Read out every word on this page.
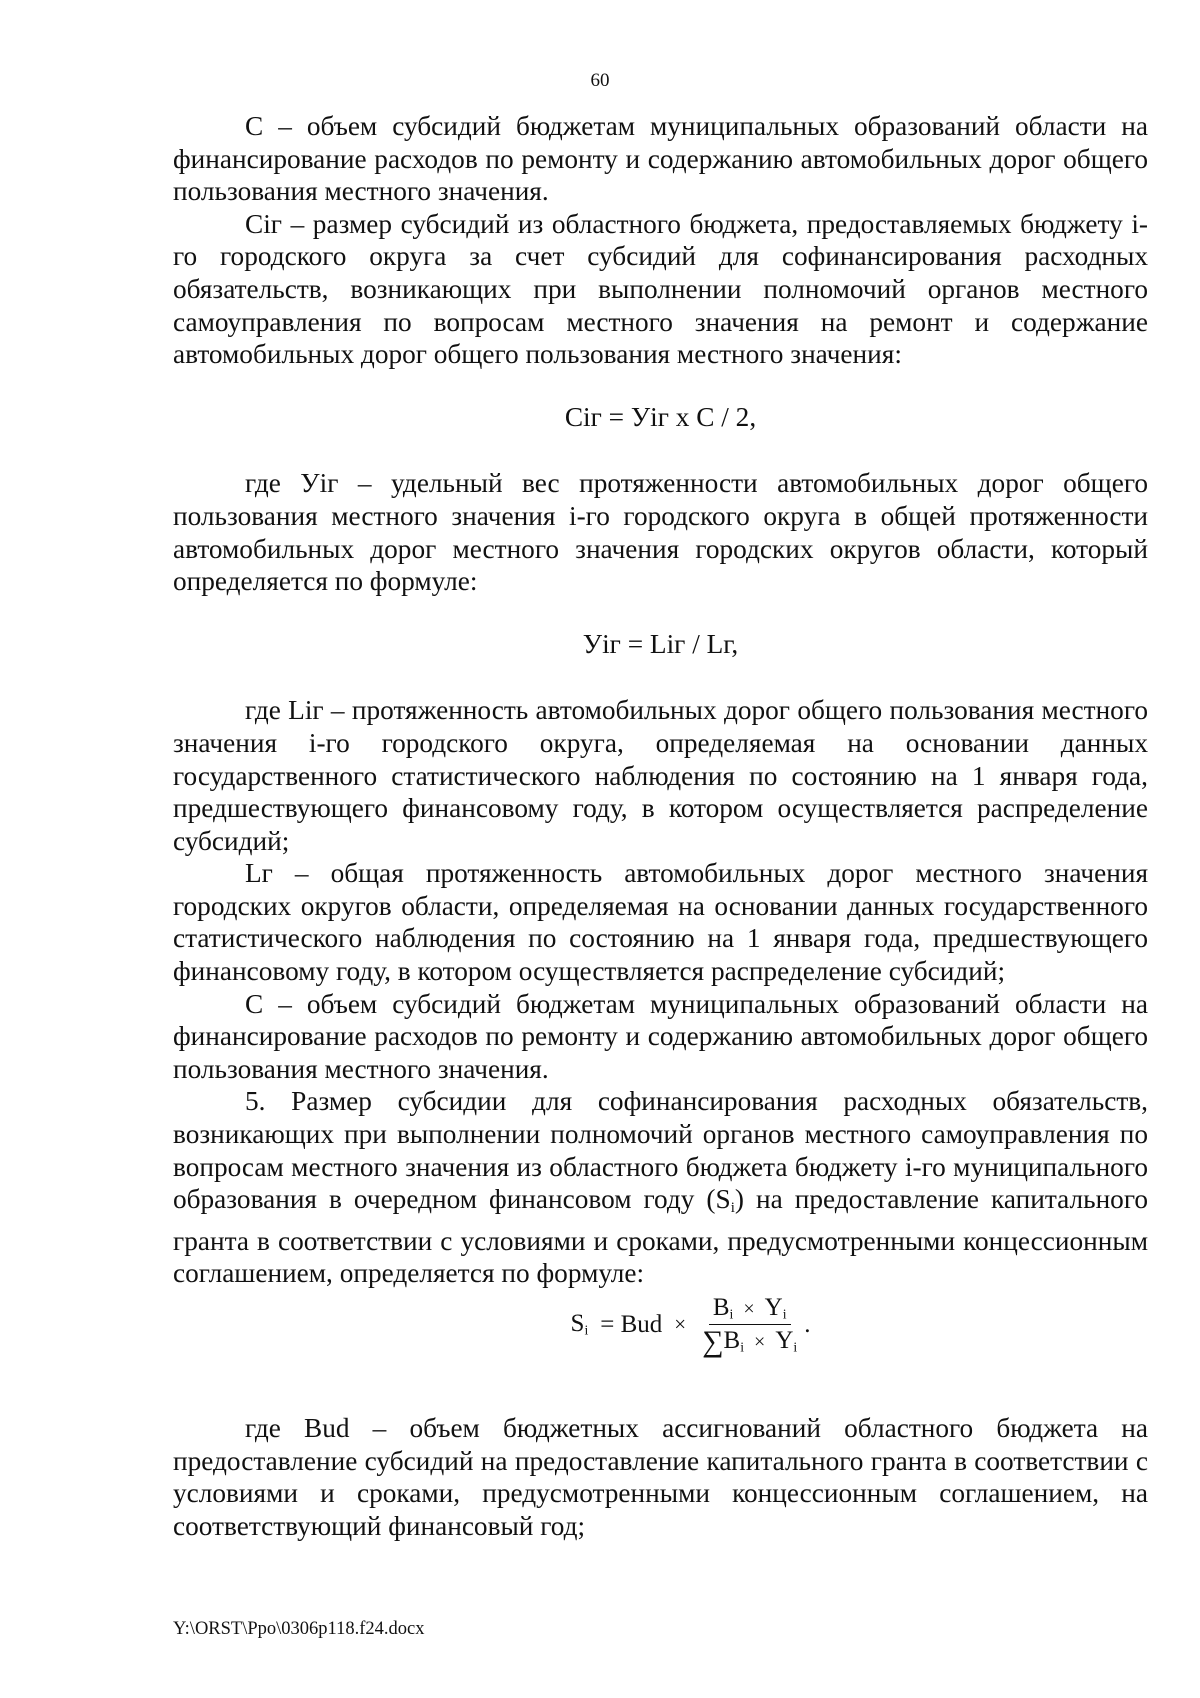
60

С – объем субсидий бюджетам муниципальных образований области на финансирование расходов по ремонту и содержанию автомобильных дорог общего пользования местного значения.

Сiг – размер субсидий из областного бюджета, предоставляемых бюджету i-го городского округа за счет субсидий для софинансирования расходных обязательств, возникающих при выполнении полномочий органов местного самоуправления по вопросам местного значения на ремонт и содержание автомобильных дорог общего пользования местного значения:

Сiг = Уiг x С / 2,

где Уiг – удельный вес протяженности автомобильных дорог общего пользования местного значения i-го городского округа в общей протяженности автомобильных дорог местного значения городских округов области, который определяется по формуле:

Уiг = Liг / Lг,

где Liг – протяженность автомобильных дорог общего пользования местного значения i-го городского округа, определяемая на основании данных государственного статистического наблюдения по состоянию на 1 января года, предшествующего финансовому году, в котором осуществляется распределение субсидий;

Lг – общая протяженность автомобильных дорог местного значения городских округов области, определяемая на основании данных государственного статистического наблюдения по состоянию на 1 января года, предшествующего финансовому году, в котором осуществляется распределение субсидий;

С – объем субсидий бюджетам муниципальных образований области на финансирование расходов по ремонту и содержанию автомобильных дорог общего пользования местного значения.

5. Размер субсидии для софинансирования расходных обязательств, возникающих при выполнении полномочий органов местного самоуправления по вопросам местного значения из областного бюджета бюджету i-го муниципального образования в очередном финансовом году $(S_i)$ на предоставление капитального гранта в соответствии с условиями и сроками, предусмотренными концессионным соглашением, определяется по формуле:

$S_i$ = Bud × $\frac{B_i \times Y_i}{\sum B_i \times Y_i}$ .

где Bud – объем бюджетных ассигнований областного бюджета на предоставление субсидий на предоставление капитального гранта в соответствии с условиями и сроками, предусмотренными концессионным соглашением, на соответствующий финансовый год;

Y:\ORST\Ppo\0306p118.f24.docx
